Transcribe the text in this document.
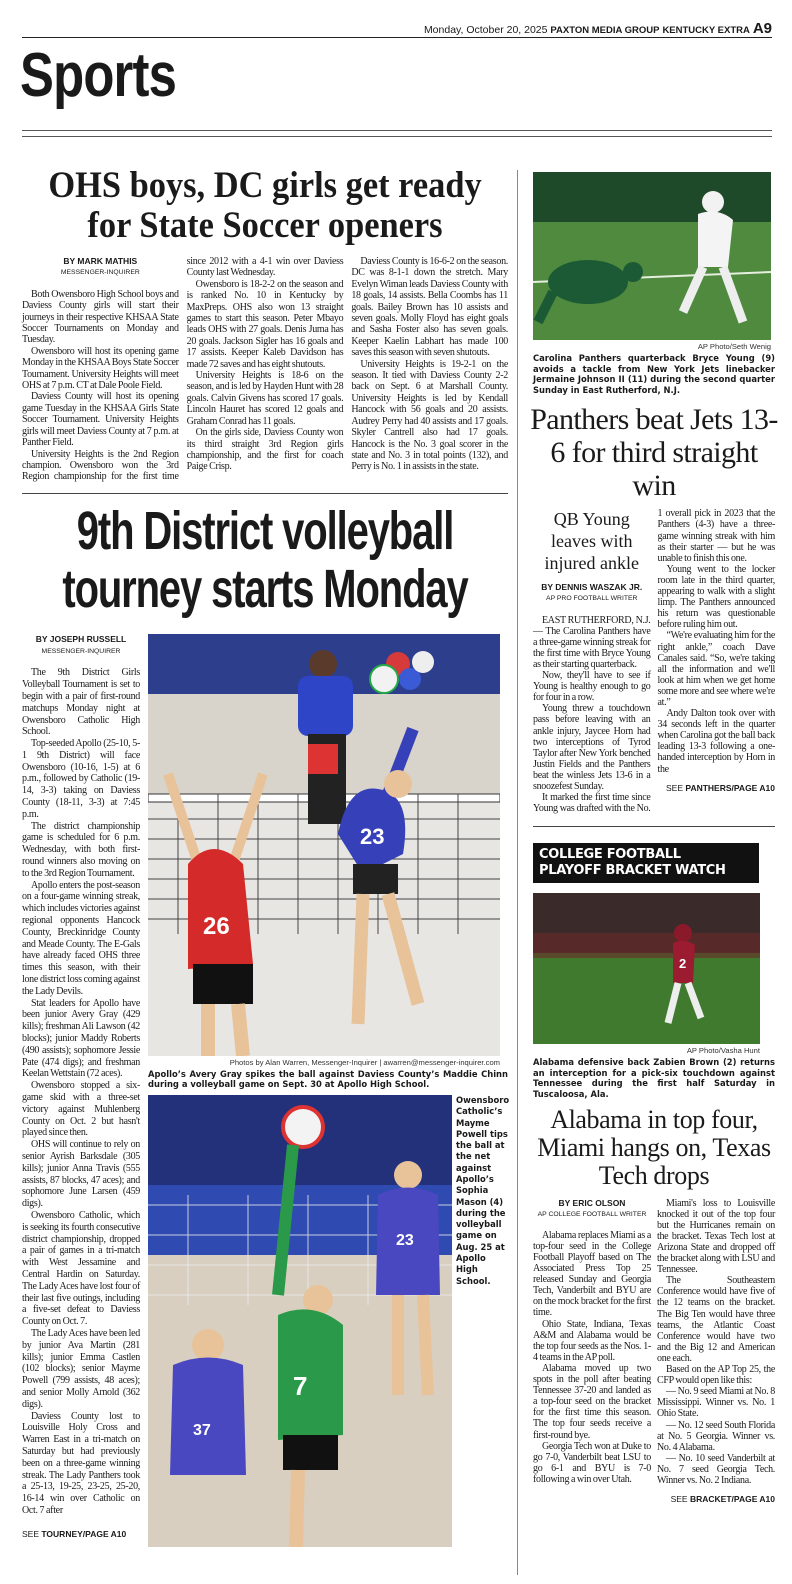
Monday, October 20, 2025 PAXTON MEDIA GROUP KENTUCKY EXTRA A9
Sports
OHS boys, DC girls get ready
for State Soccer openers
BY MARK MATHIS
MESSENGER-INQUIRER

Both Owensboro High School boys and Daviess County girls will start their journeys in their respective KHSAA State Soccer Tournaments on Monday and Tuesday.

Owensboro will host its opening game Monday in the KHSAA Boys State Soccer Tournament. University Heights will meet OHS at 7 p.m. CT at Dale Poole Field.

Daviess County will host its opening game Tuesday in the KHSAA Girls State Soccer Tournament. University Heights girls will meet Daviess County at 7 p.m. at Panther Field.

University Heights is the 2nd Region champion. Owensboro won the 3rd Region championship for the first time since 2012 with a 4-1 win over Daviess County last Wednesday.

Owensboro is 18-2-2 on the season and is ranked No. 10 in Kentucky by MaxPreps. OHS also won 13 straight games to start this season. Peter Mbayo leads OHS with 27 goals. Denis Juma has 20 goals. Jackson Sigler has 16 goals and 17 assists. Keeper Kaleb Davidson has made 72 saves and has eight shutouts.

University Heights is 18-6 on the season, and is led by Hayden Hunt with 28 goals. Calvin Givens has scored 17 goals. Lincoln Hauret has scored 12 goals and Graham Conrad has 11 goals.

On the girls side, Daviess County won its third straight 3rd Region girls championship, and the first for coach Paige Crisp.

Daviess County is 16-6-2 on the season. DC was 8-1-1 down the stretch. Mary Evelyn Wiman leads Daviess County with 18 goals, 14 assists. Bella Coombs has 11 goals. Bailey Brown has 10 assists and seven goals. Molly Floyd has eight goals and Sasha Foster also has seven goals. Keeper Kaelin Labhart has made 100 saves this season with seven shutouts.

University Heights is 19-2-1 on the season. It tied with Daviess County 2-2 back on Sept. 6 at Marshall County. University Heights is led by Kendall Hancock with 56 goals and 20 assists. Audrey Perry had 40 assists and 17 goals. Skyler Cantrell also had 17 goals. Hancock is the No. 3 goal scorer in the state and No. 3 in total points (132), and Perry is No. 1 in assists in the state.

9th District volleyball
tourney starts Monday
BY JOSEPH RUSSELL
MESSENGER-INQUIRER

The 9th District Girls Volleyball Tournament is set to begin with a pair of first-round matchups Monday night at Owensboro Catholic High School.

Top-seeded Apollo (25-10, 5-1 9th District) will face Owensboro (10-16, 1-5) at 6 p.m., followed by Catholic (19-14, 3-3) taking on Daviess County (18-11, 3-3) at 7:45 p.m.

The district championship game is scheduled for 6 p.m. Wednesday, with both first-round winners also moving on to the 3rd Region Tournament.

Apollo enters the post-season on a four-game winning streak, which includes victories against regional opponents Hancock County, Breckinridge County and Meade County. The E-Gals have already faced OHS three times this season, with their lone district loss coming against the Lady Devils.

Stat leaders for Apollo have been junior Avery Gray (429 kills); freshman Ali Lawson (42 blocks); junior Maddy Roberts (490 assists); sophomore Jessie Pate (474 digs); and freshman Keelan Wettstain (72 aces).

Owensboro stopped a six-game skid with a three-set victory against Muhlenberg County on Oct. 2 but hasn't played since then.

OHS will continue to rely on senior Ayrish Barksdale (305 kills); junior Anna Travis (555 assists, 87 blocks, 47 aces); and sophomore June Larsen (459 digs).

Owensboro Catholic, which is seeking its fourth consecutive district championship, dropped a pair of games in a tri-match with West Jessamine and Central Hardin on Saturday. The Lady Aces have lost four of their last five outings, including a five-set defeat to Daviess County on Oct. 7.

The Lady Aces have been led by junior Ava Martin (281 kills); junior Emma Castlen (102 blocks); senior Mayme Powell (799 assists, 48 aces); and senior Molly Arnold (362 digs).

Daviess County lost to Louisville Holy Cross and Warren East in a tri-match on Saturday but had previously been on a three-game winning streak. The Lady Panthers took a 25-13, 19-25, 23-25, 25-20, 16-14 win over Catholic on Oct. 7 after

SEE TOURNEY/PAGE A10
23
26
Photos by Alan Warren, Messenger-Inquirer | awarren@messenger-inquirer.com
Apollo’s Avery Gray spikes the ball against Daviess County’s Maddie Chinn during a volleyball game on Sept. 30 at Apollo High School.
23
7
37
Owensboro Catholic’s Mayme Powell tips the ball at the net against Apollo’s Sophia Mason (4) during the volleyball game on Aug. 25 at Apollo High School.
AP Photo/Seth Wenig
Carolina Panthers quarterback Bryce Young (9) avoids a tackle from New York Jets linebacker Jermaine Johnson II (11) during the second quarter Sunday in East Rutherford, N.J.
Panthers beat Jets 13-6 for third straight win
QB Young leaves with injured ankle
BY DENNIS WASZAK JR.
AP PRO FOOTBALL WRITER

EAST RUTHERFORD, N.J. — The Carolina Panthers have a three-game winning streak for the first time with Bryce Young as their starting quarterback.

Now, they'll have to see if Young is healthy enough to go for four in a row.

Young threw a touchdown pass before leaving with an ankle injury, Jaycee Horn had two interceptions of Tyrod Taylor after New York benched Justin Fields and the Panthers beat the winless Jets 13-6 in a snoozefest Sunday.

It marked the first time since Young was drafted with the No. 1 overall pick in 2023 that the Panthers (4-3) have a three-game winning streak with him as their starter — but he was unable to finish this one.

Young went to the locker room late in the third quarter, appearing to walk with a slight limp. The Panthers announced his return was questionable before ruling him out.

“We're evaluating him for the right ankle,” coach Dave Canales said. “So, we're taking all the information and we'll look at him when we get home some more and see where we're at.”

Andy Dalton took over with 34 seconds left in the quarter when Carolina got the ball back leading 13-3 following a one-handed interception by Horn in the

SEE PANTHERS/PAGE A10
COLLEGE FOOTBALL
PLAYOFF BRACKET WATCH
2
AP Photo/Vasha Hunt
Alabama defensive back Zabien Brown (2) returns an interception for a pick-six touchdown against Tennessee during the first half Saturday in Tuscaloosa, Ala.
Alabama in top four, Miami hangs on, Texas Tech drops
BY ERIC OLSON
AP COLLEGE FOOTBALL WRITER

Alabama replaces Miami as a top-four seed in the College Football Playoff based on The Associated Press Top 25 released Sunday and Georgia Tech, Vanderbilt and BYU are on the mock bracket for the first time.

Ohio State, Indiana, Texas A&M and Alabama would be the top four seeds as the Nos. 1-4 teams in the AP poll.

Alabama moved up two spots in the poll after beating Tennessee 37-20 and landed as a top-four seed on the bracket for the first time this season. The top four seeds receive a first-round bye.

Georgia Tech won at Duke to go 7-0, Vanderbilt beat LSU to go 6-1 and BYU is 7-0 following a win over Utah.

Miami's loss to Louisville knocked it out of the top four but the Hurricanes remain on the bracket. Texas Tech lost at Arizona State and dropped off the bracket along with LSU and Tennessee.

The Southeastern Conference would have five of the 12 teams on the bracket. The Big Ten would have three teams, the Atlantic Coast Conference would have two and the Big 12 and American one each.

Based on the AP Top 25, the CFP would open like this:

— No. 9 seed Miami at No. 8 Mississippi. Winner vs. No. 1 Ohio State.

— No. 12 seed South Florida at No. 5 Georgia. Winner vs. No. 4 Alabama.

— No. 10 seed Vanderbilt at No. 7 seed Georgia Tech. Winner vs. No. 2 Indiana.

SEE BRACKET/PAGE A10
